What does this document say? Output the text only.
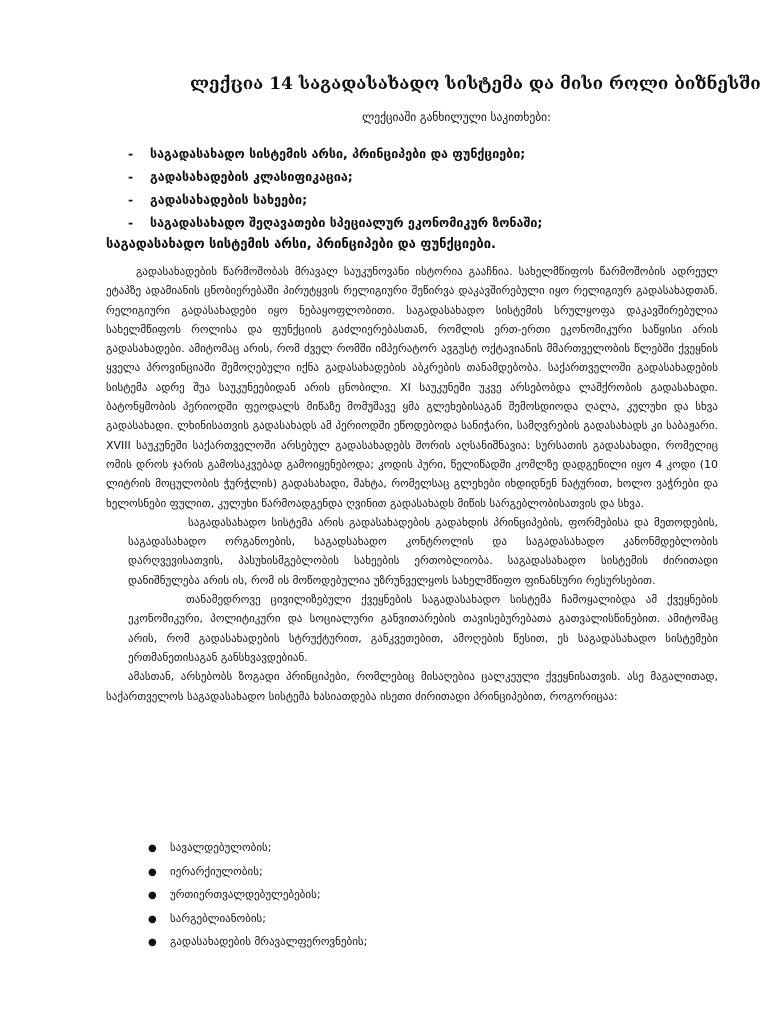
ლექცია 14 საგადასახადო სისტემა და მისი როლი ბიზნესში
ლექციაში განხილული საკითხები:
- საგადასახადო სისტემის არსი, პრინციპები და ფუნქციები;
- გადასახადების კლასიფიკაცია;
- გადასახადების სახეები;
- საგადასახადო შეღავათები სპეციალურ ეკონომიკურ ზონაში;
საგადასახადო სისტემის არსი, პრინციპები და ფუნქციები.

გადასახადების წარმოშობას მრავალ საუკუნოვანი ისტორია გააჩნია. სახელმწიფოს წარმოშობის ადრეულ ეტაპზე ადამიანის ცნობიერებაში პირუტყვის რელიგიური შეწირვა დაკავშირებული იყო რელიგიურ გადასახადთან. რელიგიური გადასახადები იყო ნებაყოფლობითი. საგადასახადო სისტემის სრულყოფა დაკავშირებულია სახელმწიფოს როლისა და ფუნქციის გაძლიერებასთან, რომლის ერთ-ერთი ეკონომიკური საწყისი არის გადასახადები. ამიტომაც არის, რომ ძველ რომში იმპერატორ ავგუსტ ოქტავიანის მმართველობის წლებში ქვეყნის ყველა პროვინციაში შემოღებული იქნა გადასახადების აბკრების თანამდებობა. საქართველოში გადასახადების სისტემა ადრე შუა საუკუნეებიდან არის ცნობილი. XI საუკუნეში უკვე არსებობდა ლაშქრობის გადასახადი. ბატონყმობის პერიოდში ფეოდალს მიწაზე მომუშავე ყმა გლეხებისაგან შემოსდიოდა ღალა, კულუხი და სხვა გადასახადი. ლხინისათვის გადასახადს ამ პერიოდში ეწოდებოდა სანიჭარი, სამღვრების გადასახადს კი საბაჟარი. XVIII საუკუნეში საქართველოში არსებულ გადასახადებს შორის აღსანიშნავია: სურსათის გადასახადი, რომელიც ომის დროს ჯარის გამოსაკვებად გამოიყენებოდა; კოდის პური, წელიწადში კომლზე დადგენილი იყო 4 კოდი (10 ლიტრის მოცულობის ჭურჭლის) გადასახადი, მახტა, რომელსაც გლეხები იხდიდნენ ნატურით, ხოლო ვაჭრები და ხელოსნები ფულით, კულუხი წარმოადგენდა ღვინით გადასახადს მიწის სარგებლობისათვის და სხვა.

საგადასახადო სისტემა არის გადასახადების გადახდის პრინციპების, ფორმებისა და მეთოდების, საგადასახადო ორგანოების, საგადსახადო კონტროლის და საგადასახადო კანონმდებლობის დარღვევისათვის, პასუხისმგებლობის სახეების ერთობლიობა. საგადასახადო სისტემის ძირითადი დანიშნულება არის ის, რომ ის მოწოდებულია უზრუნველყოს სახელმწიფო ფინანსური რესურსებით.

თანამედროვე ცივილიზებული ქვეყნების საგადასახადო სისტემა ჩამოყალიბდა ამ ქვეყნების ეკონომიკური, პოლიტიკური და სოციალური განვითარების თავისებურებათა გათვალისწინებით. ამიტომაც არის, რომ გადასახადების სტრუქტურით, განკვეთებით, ამოღების წესით, ეს საგადასახადო სისტემები ერთმანეთისაგან განსხვავდებიან.

ამასთან, არსებობს ზოგადი პრინციპები, რომლებიც მისაღებია ცალკეული ქვეყნისათვის. ასე მაგალითად, საქართველოს საგადასახადო სისტემა ხასიათდება ისეთი ძირითადი პრინციპებით, როგორიცაა:

● სავალდებულობის;
● იერარქიულობის;
● ურთიერთვალდებულებების;
● სარგებლიანობის;
● გადასახადების მრავალფეროვნების;
